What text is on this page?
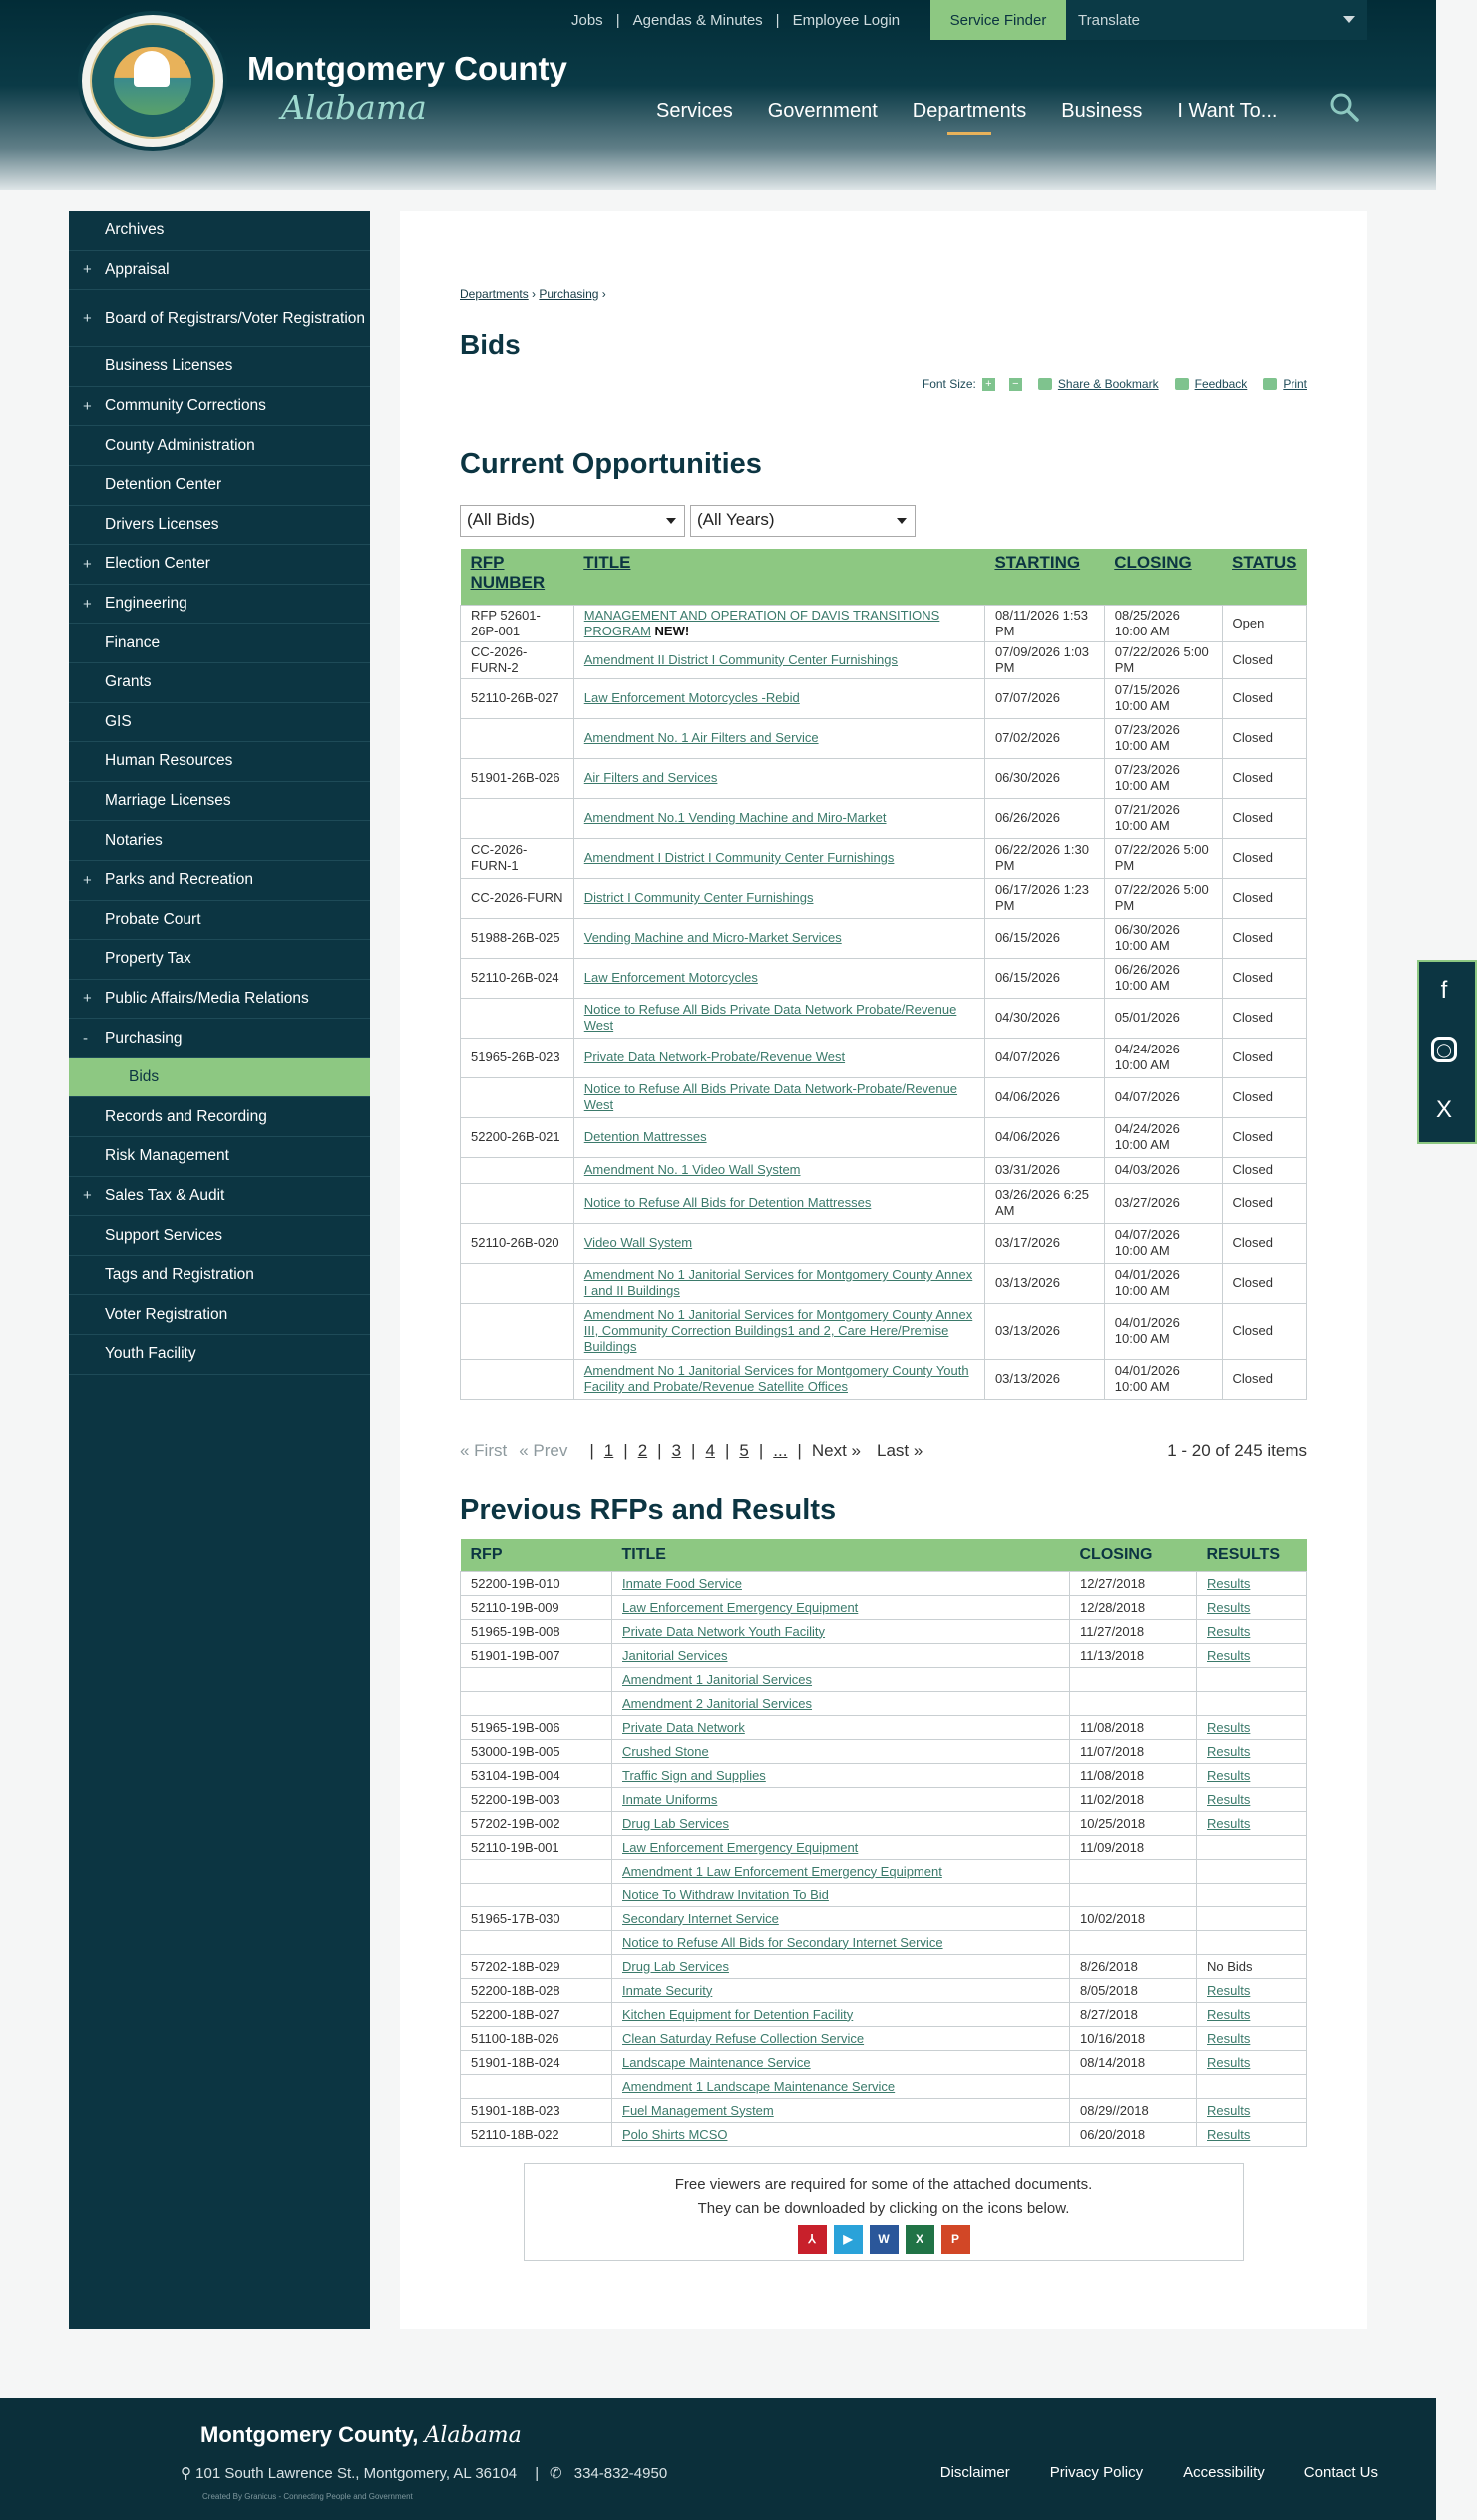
Montgomery County
Alabama
Jobs | Agendas & Minutes | Employee Login	Service Finder	Translate
Services Government Departments Business I Want To...
Archives
+ Appraisal
+ Board of Registrars/Voter Registration
Business Licenses
+ Community Corrections
County Administration
Detention Center
Drivers Licenses
+ Election Center
+ Engineering
Finance
Grants
GIS
Human Resources
Marriage Licenses
Notaries
+ Parks and Recreation
Probate Court
Property Tax
+ Public Affairs/Media Relations
- Purchasing
Bids
Records and Recording
Risk Management
+ Sales Tax & Audit
Support Services
Tags and Registration
Voter Registration
Youth Facility
Departments › Purchasing ›
Bids
Font Size: + −	Share & Bookmark	Feedback	Print
Current Opportunities
(All Bids)	(All Years)
RFP NUMBER	TITLE	STARTING	CLOSING	STATUS
RFP 52601-26P-001	MANAGEMENT AND OPERATION OF DAVIS TRANSITIONS PROGRAM NEW!	08/11/2026 1:53 PM	08/25/2026 10:00 AM	Open
CC-2026-FURN-2	Amendment II District I Community Center Furnishings	07/09/2026 1:03 PM	07/22/2026 5:00 PM	Closed
52110-26B-027	Law Enforcement Motorcycles -Rebid	07/07/2026	07/15/2026 10:00 AM	Closed
	Amendment No. 1 Air Filters and Service	07/02/2026	07/23/2026 10:00 AM	Closed
51901-26B-026	Air Filters and Services	06/30/2026	07/23/2026 10:00 AM	Closed
	Amendment No.1 Vending Machine and Miro-Market	06/26/2026	07/21/2026 10:00 AM	Closed
CC-2026-FURN-1	Amendment I District I Community Center Furnishings	06/22/2026 1:30 PM	07/22/2026 5:00 PM	Closed
CC-2026-FURN	District I Community Center Furnishings	06/17/2026 1:23 PM	07/22/2026 5:00 PM	Closed
51988-26B-025	Vending Machine and Micro-Market Services	06/15/2026	06/30/2026 10:00 AM	Closed
52110-26B-024	Law Enforcement Motorcycles	06/15/2026	06/26/2026 10:00 AM	Closed
	Notice to Refuse All Bids Private Data Network Probate/Revenue West	04/30/2026	05/01/2026	Closed
51965-26B-023	Private Data Network-Probate/Revenue West	04/07/2026	04/24/2026 10:00 AM	Closed
	Notice to Refuse All Bids Private Data Network-Probate/Revenue West	04/06/2026	04/07/2026	Closed
52200-26B-021	Detention Mattresses	04/06/2026	04/24/2026 10:00 AM	Closed
	Amendment No. 1 Video Wall System	03/31/2026	04/03/2026	Closed
	Notice to Refuse All Bids for Detention Mattresses	03/26/2026 6:25 AM	03/27/2026	Closed
52110-26B-020	Video Wall System	03/17/2026	04/07/2026 10:00 AM	Closed
	Amendment No 1 Janitorial Services for Montgomery County Annex I and II Buildings	03/13/2026	04/01/2026 10:00 AM	Closed
	Amendment No 1 Janitorial Services for Montgomery County Annex III, Community Correction Buildings1 and 2, Care Here/Premise Buildings	03/13/2026	04/01/2026 10:00 AM	Closed
	Amendment No 1 Janitorial Services for Montgomery County Youth Facility and Probate/Revenue Satellite Offices	03/13/2026	04/01/2026 10:00 AM	Closed
« First « Prev | 1 | 2 | 3 | 4 | 5 | ... | Next » Last »	1 - 20 of 245 items
Previous RFPs and Results
RFP	TITLE	CLOSING	RESULTS
52200-19B-010	Inmate Food Service	12/27/2018	Results
52110-19B-009	Law Enforcement Emergency Equipment	12/28/2018	Results
51965-19B-008	Private Data Network Youth Facility	11/27/2018	Results
51901-19B-007	Janitorial Services	11/13/2018	Results
	Amendment 1 Janitorial Services		
	Amendment 2 Janitorial Services		
51965-19B-006	Private Data Network	11/08/2018	Results
53000-19B-005	Crushed Stone	11/07/2018	Results
53104-19B-004	Traffic Sign and Supplies	11/08/2018	Results
52200-19B-003	Inmate Uniforms	11/02/2018	Results
57202-19B-002	Drug Lab Services	10/25/2018	Results
52110-19B-001	Law Enforcement Emergency Equipment	11/09/2018	
	Amendment 1 Law Enforcement Emergency Equipment		
	Notice To Withdraw Invitation To Bid		
51965-17B-030	Secondary Internet Service	10/02/2018	
	Notice to Refuse All Bids for Secondary Internet Service		
57202-18B-029	Drug Lab Services	8/26/2018	No Bids
52200-18B-028	Inmate Security	8/05/2018	Results
52200-18B-027	Kitchen Equipment for Detention Facility	8/27/2018	Results
51100-18B-026	Clean Saturday Refuse Collection Service	10/16/2018	Results
51901-18B-024	Landscape Maintenance Service	08/14/2018	Results
	Amendment 1 Landscape Maintenance Service		
51901-18B-023	Fuel Management System	08/29//2018	Results
52110-18B-022	Polo Shirts MCSO	06/20/2018	Results
Free viewers are required for some of the attached documents.
They can be downloaded by clicking on the icons below.
⅄	▶	W	X	P
f
◯
X
Montgomery County, Alabama
⚲ 101 South Lawrence St., Montgomery, AL 36104 | ✆ 334-832-4950
Created By Granicus - Connecting People and Government
Disclaimer	Privacy Policy	Accessibility	Contact Us
